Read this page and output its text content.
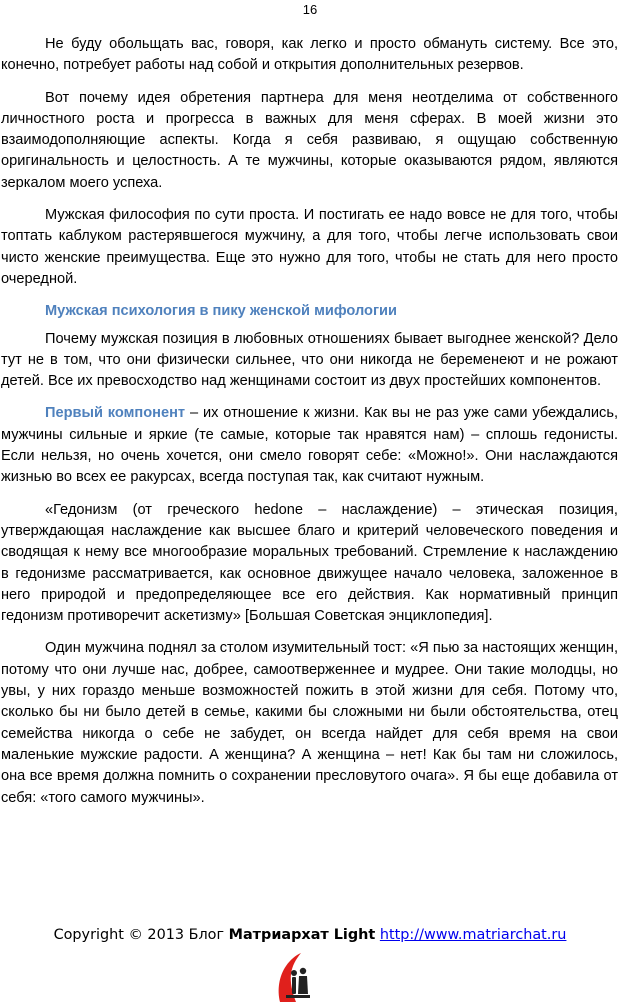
16

Не буду обольщать вас, говоря, как легко и просто обмануть систему. Все это, конечно, потребует работы над собой и открытия дополнительных резервов.

Вот почему идея обретения партнера для меня неотделима от собственного личностного роста и прогресса в важных для меня сферах. В моей жизни это взаимодополняющие аспекты. Когда я себя развиваю, я ощущаю собственную оригинальность и целостность. А те мужчины, которые оказываются рядом, являются зеркалом моего успеха.

Мужская философия по сути проста. И постигать ее надо вовсе не для того, чтобы топтать каблуком растерявшегося мужчину, а для того, чтобы легче использовать свои чисто женские преимущества. Еще это нужно для того, чтобы не стать для него просто очередной.

Мужская психология в пику женской мифологии

Почему мужская позиция в любовных отношениях бывает выгоднее женской? Дело тут не в том, что они физически сильнее, что они никогда не беременеют и не рожают детей. Все их превосходство над женщинами состоит из двух простейших компонентов.

Первый компонент – их отношение к жизни. Как вы не раз уже сами убеждались, мужчины сильные и яркие (те самые, которые так нравятся нам) – сплошь гедонисты. Если нельзя, но очень хочется, они смело говорят себе: «Можно!». Они наслаждаются жизнью во всех ее ракурсах, всегда поступая так, как считают нужным.

«Гедонизм (от греческого hedone – наслаждение) – этическая позиция, утверждающая наслаждение как высшее благо и критерий человеческого поведения и сводящая к нему все многообразие моральных требований. Стремление к наслаждению в гедонизме рассматривается, как основное движущее начало человека, заложенное в него природой и предопределяющее все его действия. Как нормативный принцип гедонизм противоречит аскетизму» [Большая Советская энциклопедия].

Один мужчина поднял за столом изумительный тост: «Я пью за настоящих женщин, потому что они лучше нас, добрее, самоотверженнее и мудрее. Они такие молодцы, но увы, у них гораздо меньше возможностей пожить в этой жизни для себя. Потому что, сколько бы ни было детей в семье, какими бы сложными ни были обстоятельства, отец семейства никогда о себе не забудет, он всегда найдет для себя время на свои маленькие мужские радости. А женщина? А женщина – нет! Как бы там ни сложилось, она все время должна помнить о сохранении пресловутого очага». Я бы еще добавила от себя: «того самого мужчины».

Copyright © 2013 Блог Матриархат Light http://www.matriarchat.ru
